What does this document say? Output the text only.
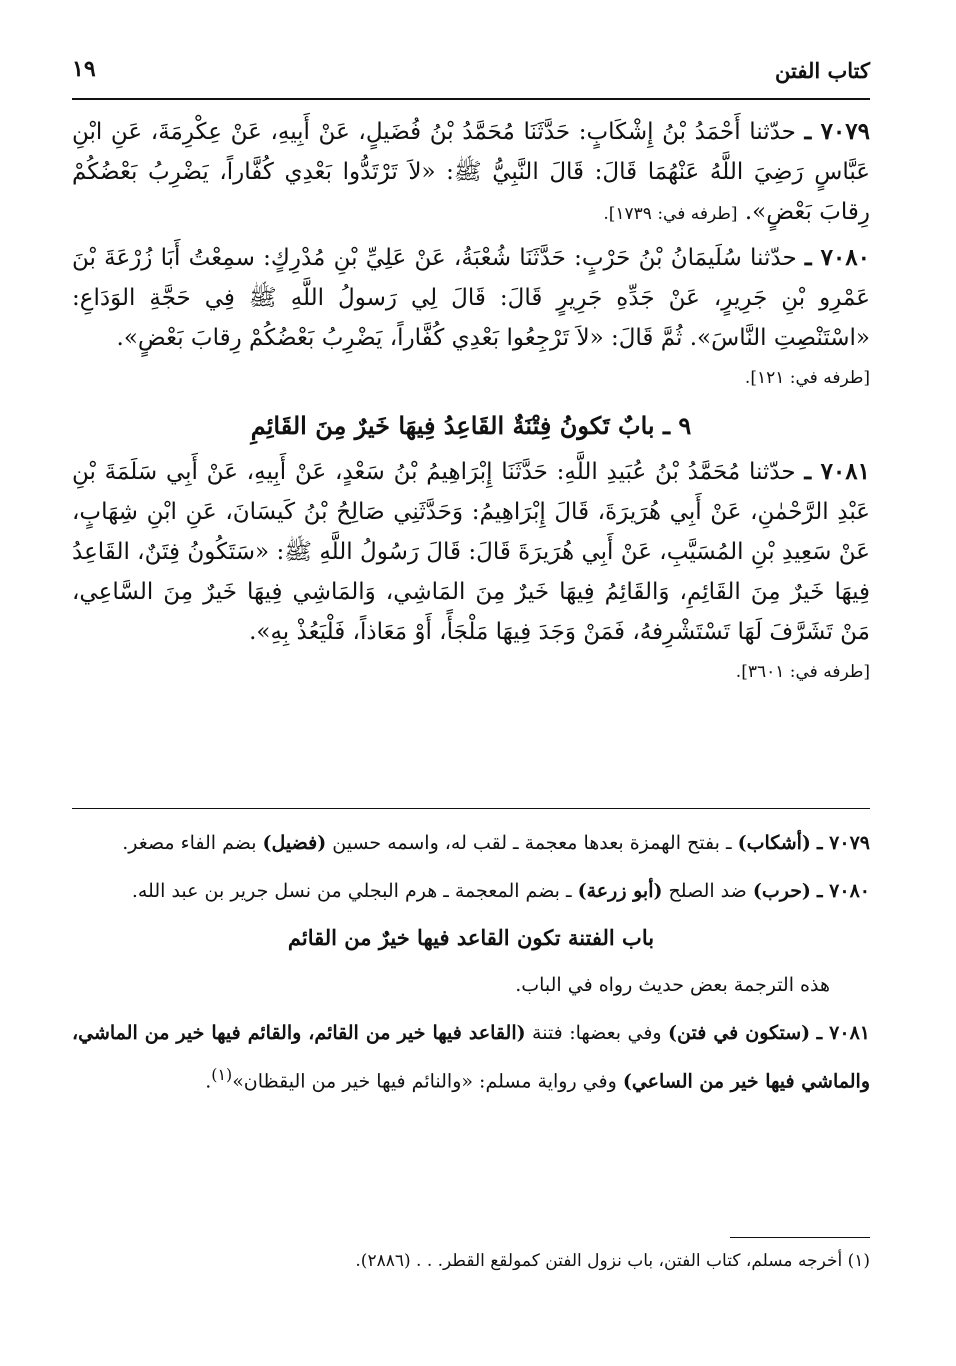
كتاب الفتن
١٩

٧٠٧٩ ـ حدّثنا أَحْمَدُ بْنُ إِشْكَابٍ: حَدَّثَنَا مُحَمَّدُ بْنُ فُضَيلٍ، عَنْ أَبِيهِ، عَنْ عِكْرِمَةَ، عَنِ ابْنِ عَبَّاسٍ رَضِيَ اللَّهُ عَنْهُمَا قَالَ: قَالَ النَّبِيُّ ﷺ: «لاَ تَرْتَدُّوا بَعْدِي كُفَّاراً، يَضْرِبُ بَعْضُكُمْ رِقابَ بَعْضٍ». [طرفه في: ١٧٣٩].

٧٠٨٠ ـ حدّثنا سُلَيمَانُ بْنُ حَرْبٍ: حَدَّثَنَا شُعْبَةُ، عَنْ عَلِيِّ بْنِ مُدْرِكٍ: سمِعْتُ أَبَا زُرْعَةَ بْنَ عَمْرِو بْنِ جَرِيرٍ، عَنْ جَدِّهِ جَرِيرٍ قَالَ: قَالَ لِي رَسولُ اللَّهِ ﷺ فِي حَجَّةِ الوَدَاعِ: «اسْتَنْصِتِ النَّاسَ». ثُمَّ قَالَ: «لاَ تَرْجِعُوا بَعْدِي كُفَّاراً، يَضْرِبُ بَعْضُكُمْ رِقابَ بَعْضٍ».

[طرفه في: ١٢١].

٩ ـ بابٌ تَكونُ فِتْنَةٌ القَاعِدُ فِيهَا خَيرٌ مِنَ القَائِمِ

٧٠٨١ ـ حدّثنا مُحَمَّدُ بْنُ عُبَيدِ اللَّهِ: حَدَّثَنَا إِبْرَاهِيمُ بْنُ سَعْدٍ، عَنْ أَبِيهِ، عَنْ أَبِي سَلَمَةَ بْنِ عَبْدِ الرَّحْمٰنِ، عَنْ أَبِي هُرَيرَةَ، قَالَ إِبْرَاهِيمُ: وَحَدَّثَنِي صَالِحُ بْنُ كَيسَانَ، عَنِ ابْنِ شِهَابٍ، عَنْ سَعِيدِ بْنِ المُسَيَّبِ، عَنْ أَبِي هُرَيرَةَ قَالَ: قَالَ رَسُولُ اللَّهِ ﷺ: «سَتَكُونُ فِتَنٌ، القَاعِدُ فِيهَا خَيرٌ مِنَ القَائِمِ، وَالقَائِمُ فِيهَا خَيرٌ مِنَ المَاشِي، وَالمَاشِي فِيهَا خَيرٌ مِنَ السَّاعِي، مَنْ تَشَرَّفَ لَهَا تَسْتَشْرِفهُ، فَمَنْ وَجَدَ فِيهَا مَلْجَأً، أَوْ مَعَاذاً، فَلْيَعُذْ بِهِ».

[طرفه في: ٣٦٠١].

٧٠٧٩ ـ (أشكاب) ـ بفتح الهمزة بعدها معجمة ـ لقب له، واسمه حسين (فضيل) بضم الفاء مصغر.

٧٠٨٠ ـ (حرب) ضد الصلح (أبو زرعة) ـ بضم المعجمة ـ هرم البجلي من نسل جرير بن عبد الله.

باب الفتنة تكون القاعد فيها خيرٌ من القائم

هذه الترجمة بعض حديث رواه في الباب.

٧٠٨١ ـ (ستكون في فتن) وفي بعضها: فتنة (القاعد فيها خير من القائم، والقائم فيها خير من الماشي، والماشي فيها خير من الساعي) وفي رواية مسلم: «والنائم فيها خير من اليقظان»$^{(١)}$.

(١) أخرجه مسلم، كتاب الفتن، باب نزول الفتن كمولقع القطر. . . (٢٨٨٦).
